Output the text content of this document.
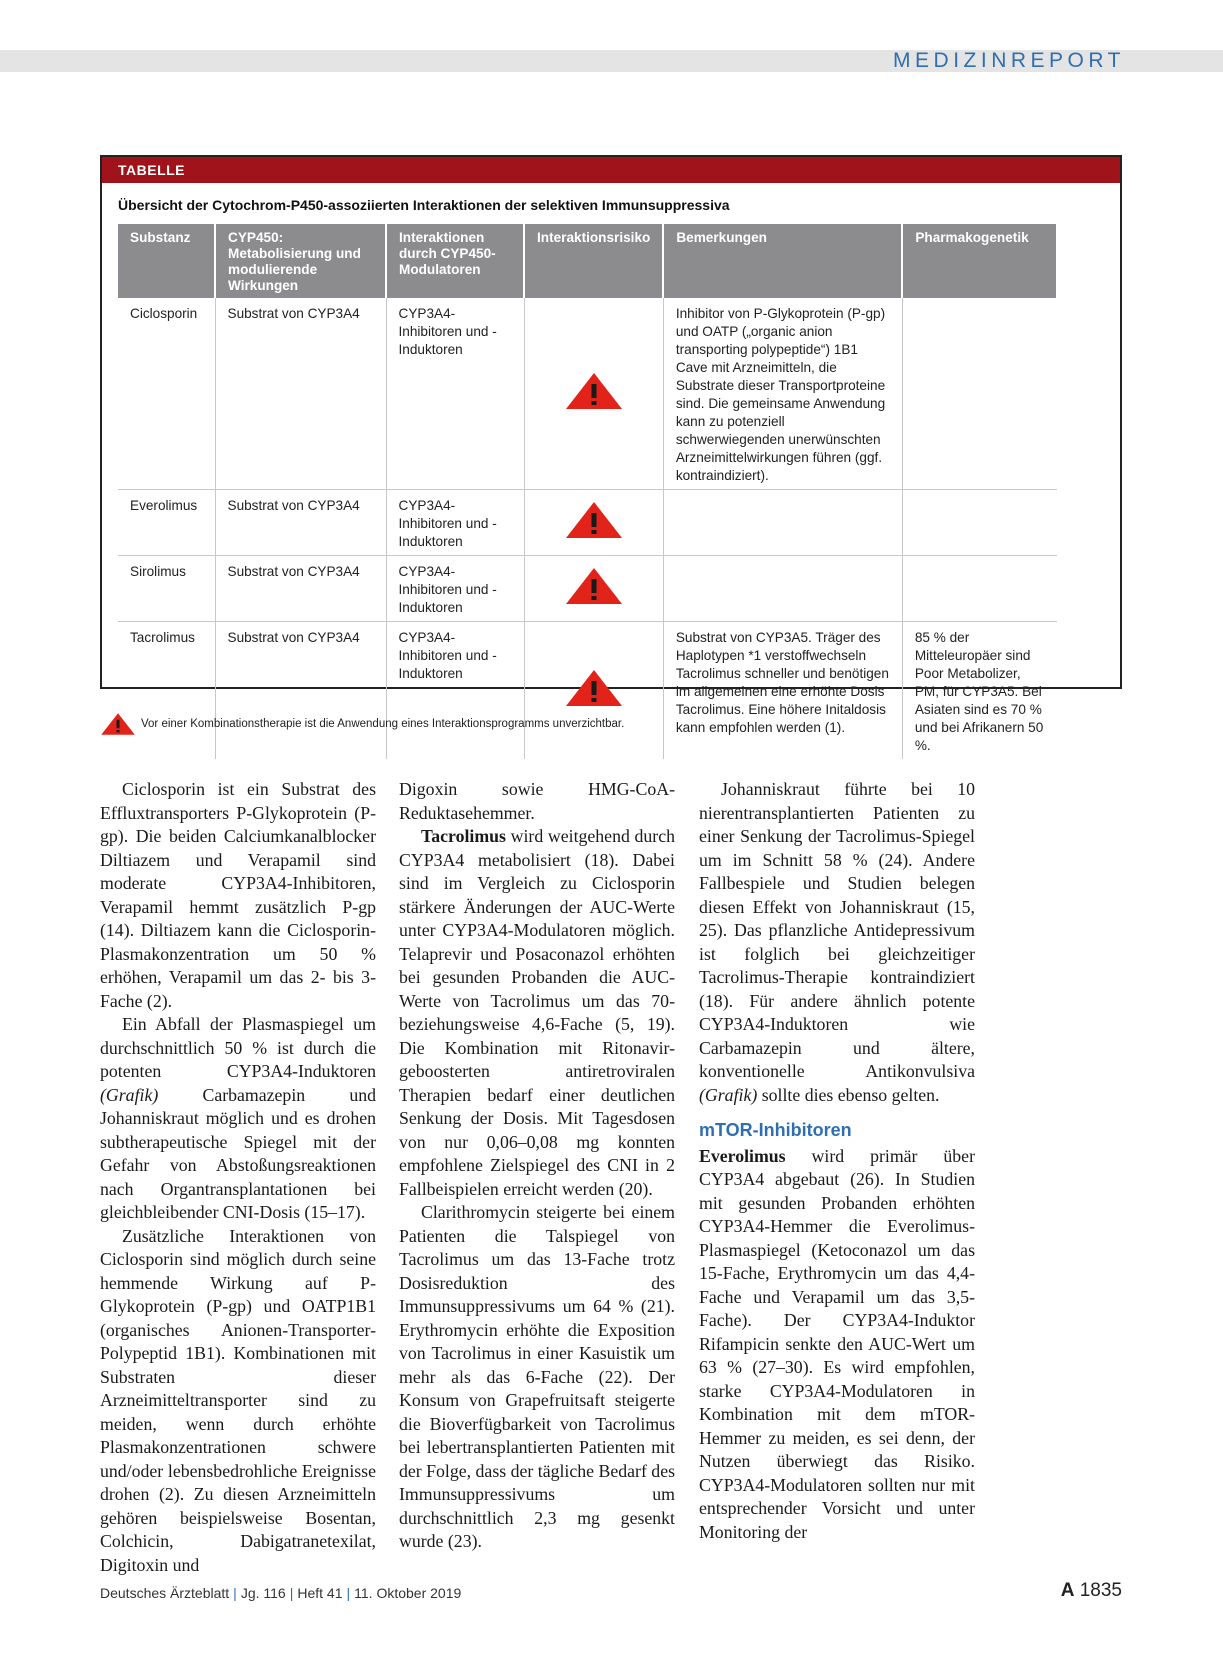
MEDIZINREPORT
TABELLE
Übersicht der Cytochrom-P450-assoziierten Interaktionen der selektiven Immunsuppressiva
Substanz	CYP450: Metabolisierung und modulierende Wirkungen	Interaktionen durch CYP450-Modulatoren	Interaktionsrisiko	Bemerkungen	Pharmakogenetik
Ciclosporin	Substrat von CYP3A4	CYP3A4-Inhibitoren und -Induktoren		Inhibitor von P-Glykoprotein (P-gp) und OATP („organic anion transporting polypeptide“) 1B1 Cave mit Arzneimitteln, die Substrate dieser Transportproteine sind. Die gemeinsame Anwendung kann zu potenziell schwerwiegenden unerwünschten Arzneimittelwirkungen führen (ggf. kontraindiziert).	
Everolimus	Substrat von CYP3A4	CYP3A4-Inhibitoren und -Induktoren			
Sirolimus	Substrat von CYP3A4	CYP3A4-Inhibitoren und -Induktoren			
Tacrolimus	Substrat von CYP3A4	CYP3A4-Inhibitoren und -Induktoren		Substrat von CYP3A5. Träger des Haplotypen *1 verstoffwechseln Tacrolimus schneller und benötigen im allgemeinen eine erhöhte Dosis Tacrolimus. Eine höhere Initaldosis kann empfohlen werden (1).	85 % der Mitteleuropäer sind Poor Metabolizer, PM, für CYP3A5. Bei Asiaten sind es 70 % und bei Afrikanern 50 %.
Vor einer Kombinationstherapie ist die Anwendung eines Interaktionsprogramms unverzichtbar.

Ciclosporin ist ein Substrat des Effluxtransporters P-Glykoprotein (P-gp). Die beiden Calciumkanalblocker Diltiazem und Verapamil sind moderate CYP3A4-Inhibitoren, Verapamil hemmt zusätzlich P-gp (14). Diltiazem kann die Ciclosporin-Plasmakonzentration um 50 % erhöhen, Verapamil um das 2- bis 3-Fache (2).

Ein Abfall der Plasmaspiegel um durchschnittlich 50 % ist durch die potenten CYP3A4-Induktoren (Grafik) Carbamazepin und Johanniskraut möglich und es drohen subtherapeutische Spiegel mit der Gefahr von Abstoßungsreaktionen nach Organtransplantationen bei gleichbleibender CNI-Dosis (15–17).

Zusätzliche Interaktionen von Ciclosporin sind möglich durch seine hemmende Wirkung auf P-Glykoprotein (P-gp) und OATP1B1 (organisches Anionen-Transporter-Polypeptid 1B1). Kombinationen mit Substraten dieser Arzneimitteltransporter sind zu meiden, wenn durch erhöhte Plasmakonzentrationen schwere und/oder lebensbedrohliche Ereignisse drohen (2). Zu diesen Arzneimitteln gehören beispielsweise Bosentan, Colchicin, Dabigatranetexilat, Digitoxin und

Digoxin sowie HMG-CoA-Reduktasehemmer.

Tacrolimus wird weitgehend durch CYP3A4 metabolisiert (18). Dabei sind im Vergleich zu Ciclosporin stärkere Änderungen der AUC-Werte unter CYP3A4-Modulatoren möglich. Telaprevir und Posaconazol erhöhten bei gesunden Probanden die AUC-Werte von Tacrolimus um das 70- beziehungsweise 4,6-Fache (5, 19). Die Kombination mit Ritonavir-geboosterten antiretroviralen Therapien bedarf einer deutlichen Senkung der Dosis. Mit Tagesdosen von nur 0,06–0,08 mg konnten empfohlene Zielspiegel des CNI in 2 Fallbeispielen erreicht werden (20).

Clarithromycin steigerte bei einem Patienten die Talspiegel von Tacrolimus um das 13-Fache trotz Dosisreduktion des Immunsuppressivums um 64 % (21). Erythromycin erhöhte die Exposition von Tacrolimus in einer Kasuistik um mehr als das 6-Fache (22). Der Konsum von Grapefruitsaft steigerte die Bioverfügbarkeit von Tacrolimus bei lebertransplantierten Patienten mit der Folge, dass der tägliche Bedarf des Immunsuppressivums um durchschnittlich 2,3 mg gesenkt wurde (23).

Johanniskraut führte bei 10 nierentransplantierten Patienten zu einer Senkung der Tacrolimus-Spiegel um im Schnitt 58 % (24). Andere Fallbespiele und Studien belegen diesen Effekt von Johanniskraut (15, 25). Das pflanzliche Antidepressivum ist folglich bei gleichzeitiger Tacrolimus-Therapie kontraindiziert (18). Für andere ähnlich potente CYP3A4-Induktoren wie Carbamazepin und ältere, konventionelle Antikonvulsiva (Grafik) sollte dies ebenso gelten.

mTOR-Inhibitoren

Everolimus wird primär über CYP3A4 abgebaut (26). In Studien mit gesunden Probanden erhöhten CYP3A4-Hemmer die Everolimus-Plasmaspiegel (Ketoconazol um das 15-Fache, Erythromycin um das 4,4-Fache und Verapamil um das 3,5-Fache). Der CYP3A4-Induktor Rifampicin senkte den AUC-Wert um 63 % (27–30). Es wird empfohlen, starke CYP3A4-Modulatoren in Kombination mit dem mTOR-Hemmer zu meiden, es sei denn, der Nutzen überwiegt das Risiko. CYP3A4-Modulatoren sollten nur mit entsprechender Vorsicht und unter Monitoring der

Deutsches Ärzteblatt | Jg. 116 | Heft 41 | 11. Oktober 2019	A 1835
